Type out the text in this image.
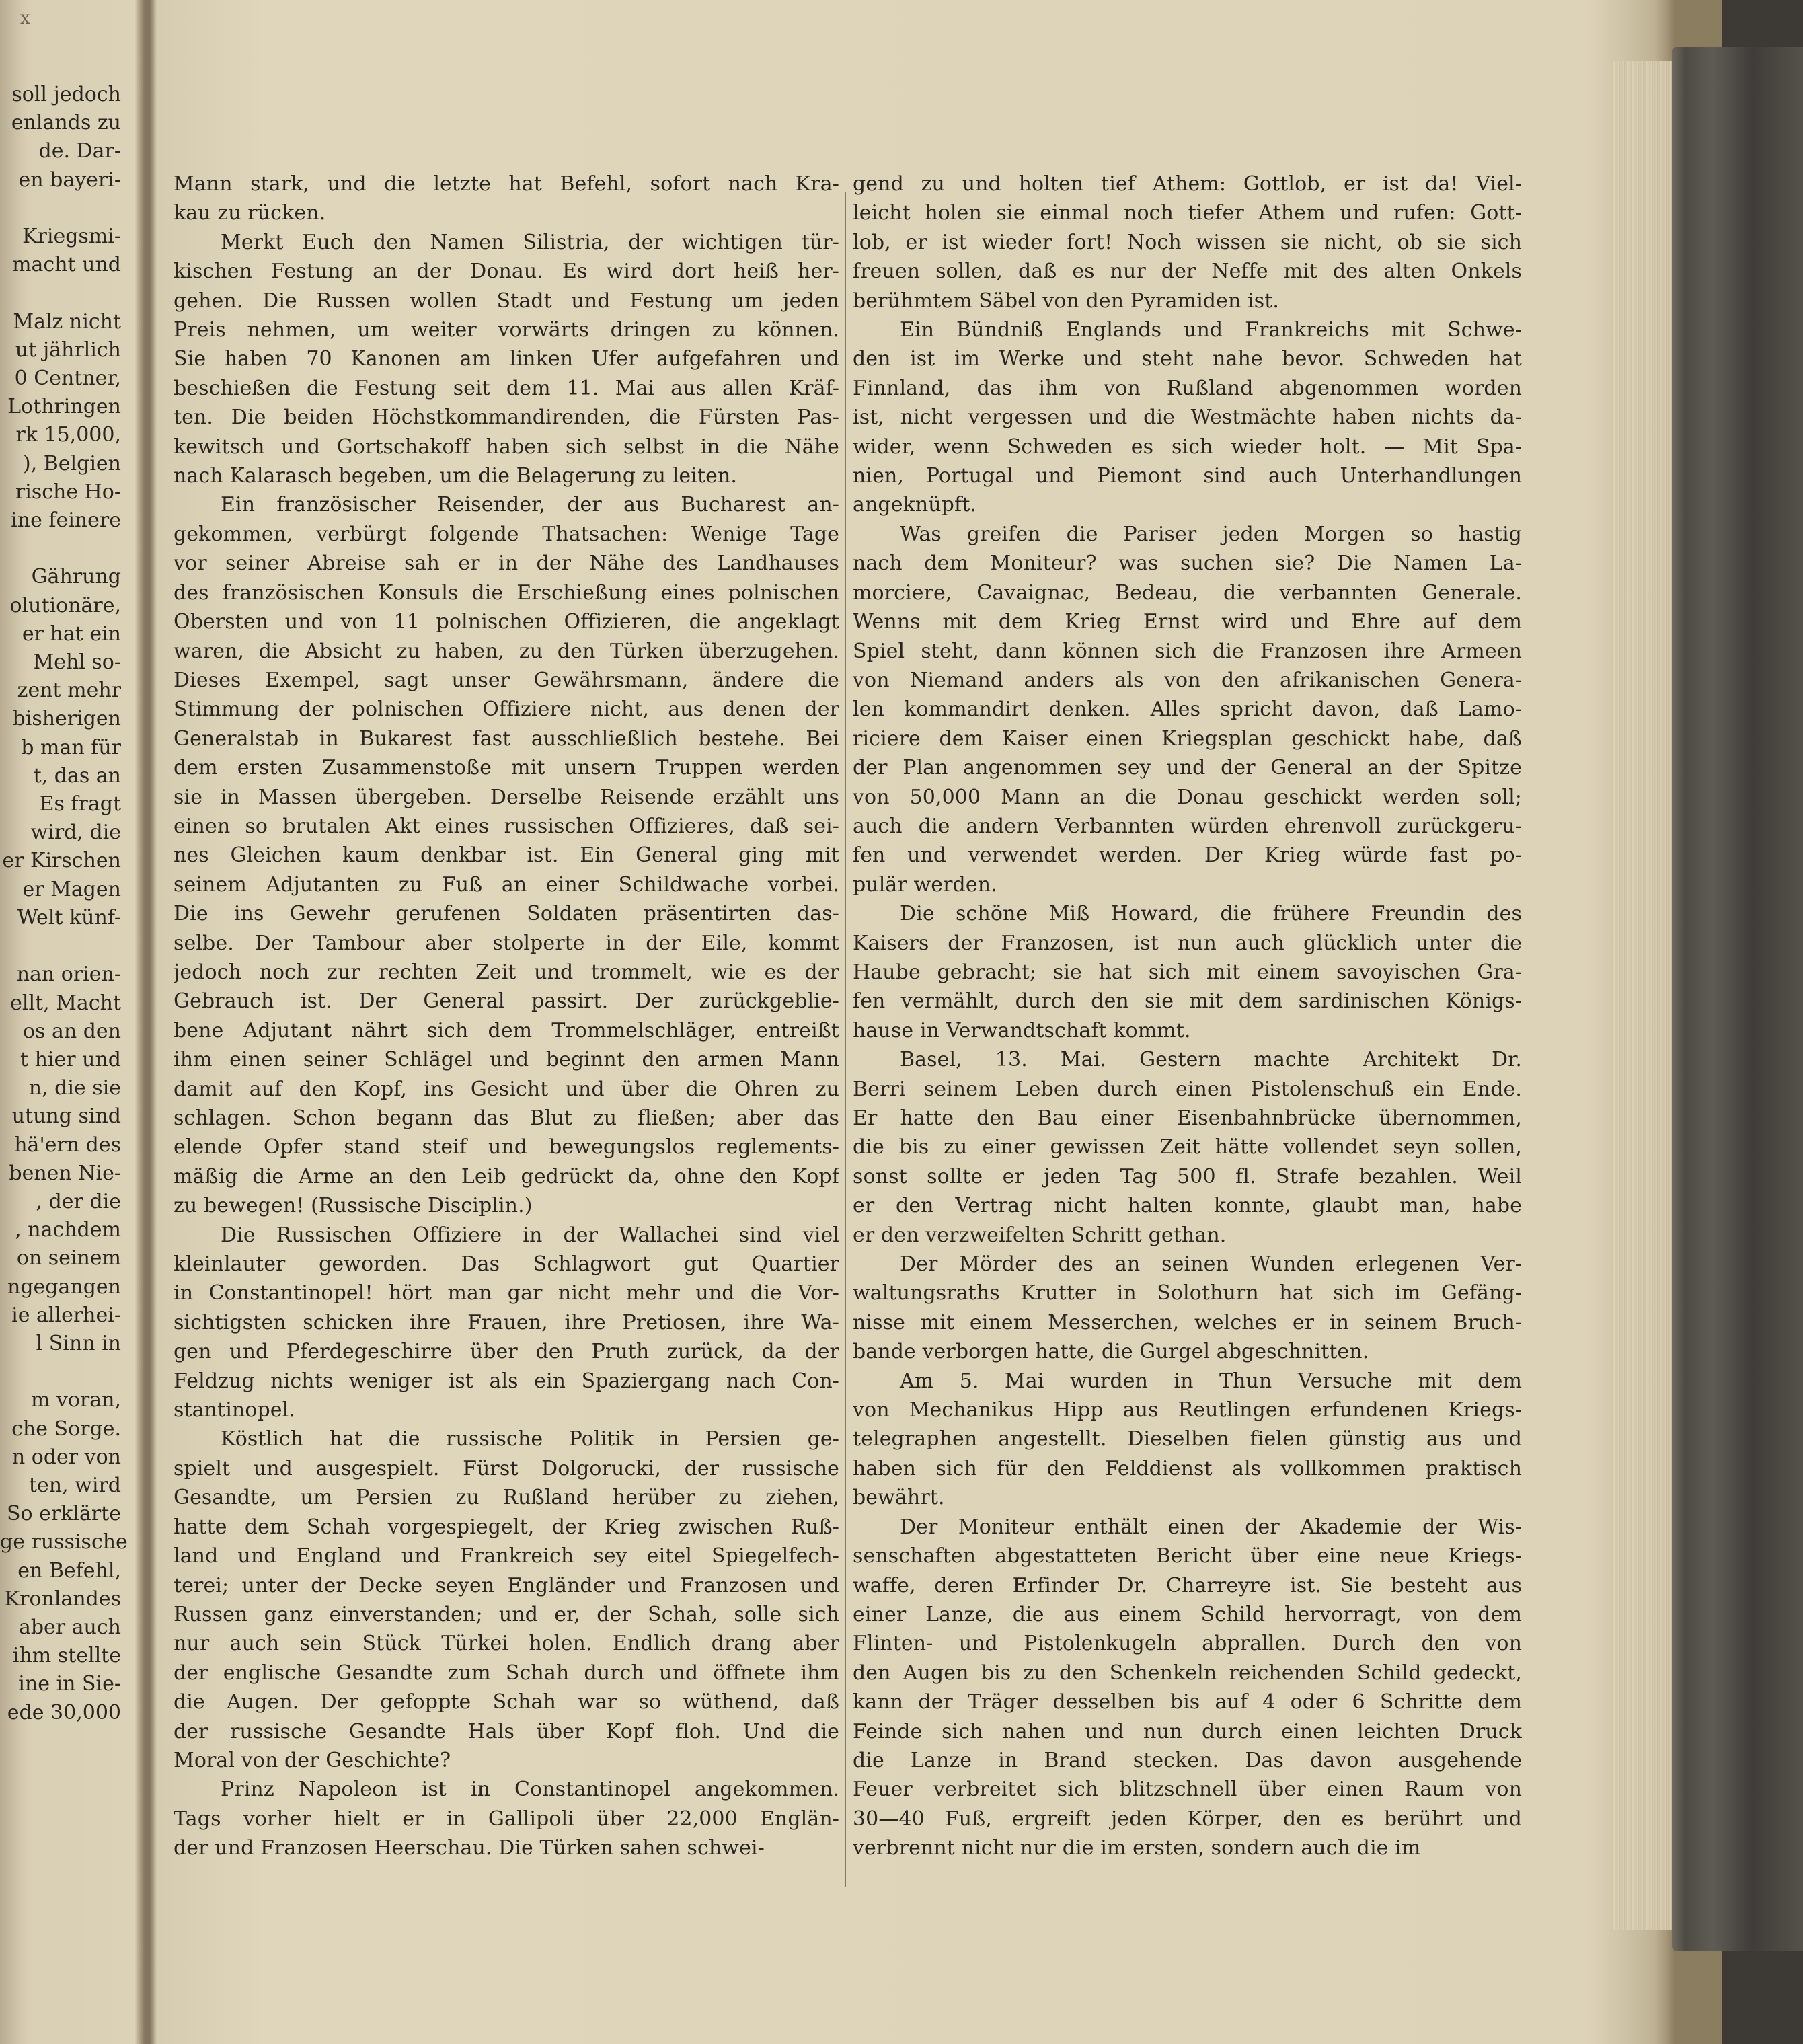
x

soll jedoch

enlands zu

de. Dar-

en bayeri-

Kriegsmi-

macht und

Malz nicht

ut jährlich

0 Centner,

Lothringen

rk 15,000,

), Belgien

rische Ho-

ine feinere

Gährung

olutionäre,

er hat ein

Mehl so-

zent mehr

bisherigen

b man für

t, das an

Es fragt

wird, die

er Kirschen

er Magen

Welt künf-

nan orien-

ellt, Macht

os an den

t hier und

n, die sie

utung sind

hä'ern des

benen Nie-

, der die

, nachdem

on seinem

ngegangen

ie allerhei-

l Sinn in

m voran,

che Sorge.

n oder von

ten, wird

So erklärte

ge russische

en Befehl,

Kronlandes

aber auch

ihm stellte

ine in Sie-

ede 30,000

Mann stark, und die letzte hat Befehl, sofort nach Kra-

kau zu rücken.

Merkt Euch den Namen Silistria, der wichtigen tür-

kischen Festung an der Donau. Es wird dort heiß her-

gehen. Die Russen wollen Stadt und Festung um jeden

Preis nehmen, um weiter vorwärts dringen zu können.

Sie haben 70 Kanonen am linken Ufer aufgefahren und

beschießen die Festung seit dem 11. Mai aus allen Kräf-

ten. Die beiden Höchstkommandirenden, die Fürsten Pas-

kewitsch und Gortschakoff haben sich selbst in die Nähe

nach Kalarasch begeben, um die Belagerung zu leiten.

Ein französischer Reisender, der aus Bucharest an-

gekommen, verbürgt folgende Thatsachen: Wenige Tage

vor seiner Abreise sah er in der Nähe des Landhauses

des französischen Konsuls die Erschießung eines polnischen

Obersten und von 11 polnischen Offizieren, die angeklagt

waren, die Absicht zu haben, zu den Türken überzugehen.

Dieses Exempel, sagt unser Gewährsmann, ändere die

Stimmung der polnischen Offiziere nicht, aus denen der

Generalstab in Bukarest fast ausschließlich bestehe. Bei

dem ersten Zusammenstoße mit unsern Truppen werden

sie in Massen übergeben. Derselbe Reisende erzählt uns

einen so brutalen Akt eines russischen Offizieres, daß sei-

nes Gleichen kaum denkbar ist. Ein General ging mit

seinem Adjutanten zu Fuß an einer Schildwache vorbei.

Die ins Gewehr gerufenen Soldaten präsentirten das-

selbe. Der Tambour aber stolperte in der Eile, kommt

jedoch noch zur rechten Zeit und trommelt, wie es der

Gebrauch ist. Der General passirt. Der zurückgeblie-

bene Adjutant nährt sich dem Trommelschläger, entreißt

ihm einen seiner Schlägel und beginnt den armen Mann

damit auf den Kopf, ins Gesicht und über die Ohren zu

schlagen. Schon begann das Blut zu fließen; aber das

elende Opfer stand steif und bewegungslos reglements-

mäßig die Arme an den Leib gedrückt da, ohne den Kopf

zu bewegen! (Russische Disciplin.)

Die Russischen Offiziere in der Wallachei sind viel

kleinlauter geworden. Das Schlagwort gut Quartier

in Constantinopel! hört man gar nicht mehr und die Vor-

sichtigsten schicken ihre Frauen, ihre Pretiosen, ihre Wa-

gen und Pferdegeschirre über den Pruth zurück, da der

Feldzug nichts weniger ist als ein Spaziergang nach Con-

stantinopel.

Köstlich hat die russische Politik in Persien ge-

spielt und ausgespielt. Fürst Dolgorucki, der russische

Gesandte, um Persien zu Rußland herüber zu ziehen,

hatte dem Schah vorgespiegelt, der Krieg zwischen Ruß-

land und England und Frankreich sey eitel Spiegelfech-

terei; unter der Decke seyen Engländer und Franzosen und

Russen ganz einverstanden; und er, der Schah, solle sich

nur auch sein Stück Türkei holen. Endlich drang aber

der englische Gesandte zum Schah durch und öffnete ihm

die Augen. Der gefoppte Schah war so wüthend, daß

der russische Gesandte Hals über Kopf floh. Und die

Moral von der Geschichte?

Prinz Napoleon ist in Constantinopel angekommen.

Tags vorher hielt er in Gallipoli über 22,000 Englän-

der und Franzosen Heerschau. Die Türken sahen schwei-

gend zu und holten tief Athem: Gottlob, er ist da! Viel-

leicht holen sie einmal noch tiefer Athem und rufen: Gott-

lob, er ist wieder fort! Noch wissen sie nicht, ob sie sich

freuen sollen, daß es nur der Neffe mit des alten Onkels

berühmtem Säbel von den Pyramiden ist.

Ein Bündniß Englands und Frankreichs mit Schwe-

den ist im Werke und steht nahe bevor. Schweden hat

Finnland, das ihm von Rußland abgenommen worden

ist, nicht vergessen und die Westmächte haben nichts da-

wider, wenn Schweden es sich wieder holt. — Mit Spa-

nien, Portugal und Piemont sind auch Unterhandlungen

angeknüpft.

Was greifen die Pariser jeden Morgen so hastig

nach dem Moniteur? was suchen sie? Die Namen La-

morciere, Cavaignac, Bedeau, die verbannten Generale.

Wenns mit dem Krieg Ernst wird und Ehre auf dem

Spiel steht, dann können sich die Franzosen ihre Armeen

von Niemand anders als von den afrikanischen Genera-

len kommandirt denken. Alles spricht davon, daß Lamo-

riciere dem Kaiser einen Kriegsplan geschickt habe, daß

der Plan angenommen sey und der General an der Spitze

von 50,000 Mann an die Donau geschickt werden soll;

auch die andern Verbannten würden ehrenvoll zurückgeru-

fen und verwendet werden. Der Krieg würde fast po-

pulär werden.

Die schöne Miß Howard, die frühere Freundin des

Kaisers der Franzosen, ist nun auch glücklich unter die

Haube gebracht; sie hat sich mit einem savoyischen Gra-

fen vermählt, durch den sie mit dem sardinischen Königs-

hause in Verwandtschaft kommt.

Basel, 13. Mai. Gestern machte Architekt Dr.

Berri seinem Leben durch einen Pistolenschuß ein Ende.

Er hatte den Bau einer Eisenbahnbrücke übernommen,

die bis zu einer gewissen Zeit hätte vollendet seyn sollen,

sonst sollte er jeden Tag 500 fl. Strafe bezahlen. Weil

er den Vertrag nicht halten konnte, glaubt man, habe

er den verzweifelten Schritt gethan.

Der Mörder des an seinen Wunden erlegenen Ver-

waltungsraths Krutter in Solothurn hat sich im Gefäng-

nisse mit einem Messerchen, welches er in seinem Bruch-

bande verborgen hatte, die Gurgel abgeschnitten.

Am 5. Mai wurden in Thun Versuche mit dem

von Mechanikus Hipp aus Reutlingen erfundenen Kriegs-

telegraphen angestellt. Dieselben fielen günstig aus und

haben sich für den Felddienst als vollkommen praktisch

bewährt.

Der Moniteur enthält einen der Akademie der Wis-

senschaften abgestatteten Bericht über eine neue Kriegs-

waffe, deren Erfinder Dr. Charreyre ist. Sie besteht aus

einer Lanze, die aus einem Schild hervorragt, von dem

Flinten- und Pistolenkugeln abprallen. Durch den von

den Augen bis zu den Schenkeln reichenden Schild gedeckt,

kann der Träger desselben bis auf 4 oder 6 Schritte dem

Feinde sich nahen und nun durch einen leichten Druck

die Lanze in Brand stecken. Das davon ausgehende

Feuer verbreitet sich blitzschnell über einen Raum von

30—40 Fuß, ergreift jeden Körper, den es berührt und

verbrennt nicht nur die im ersten, sondern auch die im
